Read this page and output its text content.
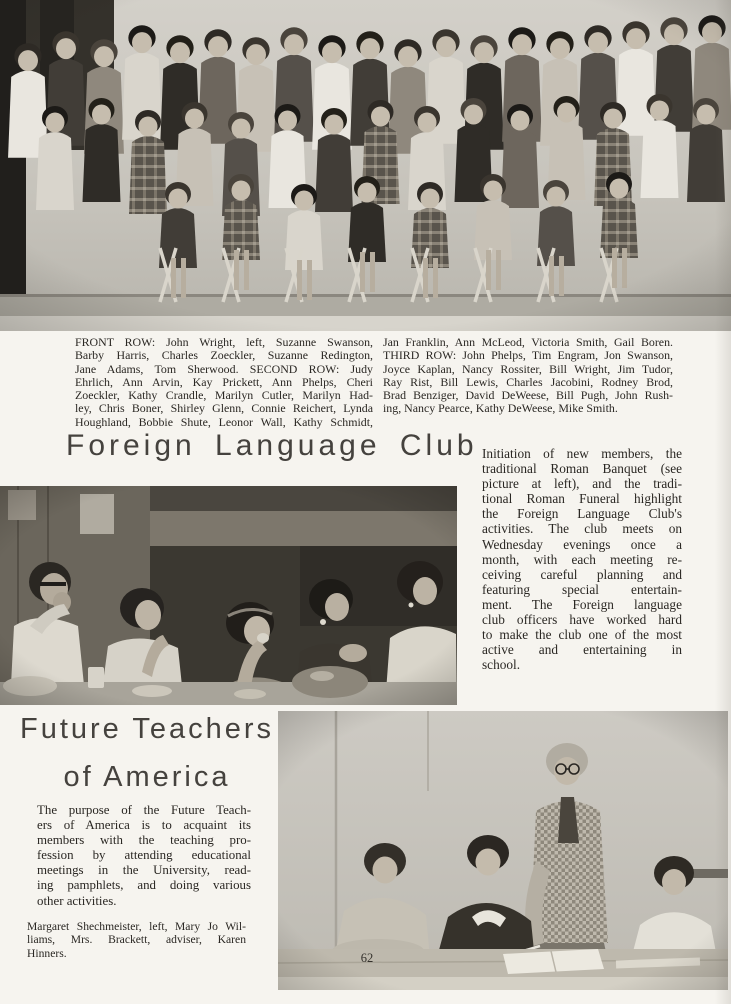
FRONT ROW: John Wright, left, Suzanne Swanson,
Barby Harris, Charles Zoeckler, Suzanne Redington,
Jane Adams, Tom Sherwood. SECOND ROW: Judy
Ehrlich, Ann Arvin, Kay Prickett, Ann Phelps, Cheri
Zoeckler, Kathy Crandle, Marilyn Cutler, Marilyn Had-
ley, Chris Boner, Shirley Glenn, Connie Reichert, Lynda
Houghland, Bobbie Shute, Leonor Wall, Kathy Schmidt,
Jan Franklin, Ann McLeod, Victoria Smith, Gail Boren.
THIRD ROW: John Phelps, Tim Engram, Jon Swanson,
Joyce Kaplan, Nancy Rossiter, Bill Wright, Jim Tudor,
Ray Rist, Bill Lewis, Charles Jacobini, Rodney Brod,
Brad Benziger, David DeWeese, Bill Pugh, John Rush-
ing, Nancy Pearce, Kathy DeWeese, Mike Smith.
Foreign Language Club Initiation of new members, the
traditional Roman Banquet (see
picture at left), and the tradi-
tional Roman Funeral highlight
the Foreign Language Club's
activities. The club meets on
Wednesday evenings once a
month, with each meeting re-
ceiving careful planning and
featuring special entertain-
ment. The Foreign language
club officers have worked hard
to make the club one of the most
active and entertaining in
school.
Future Teachers
of America
The purpose of the Future Teach-
ers of America is to acquaint its
members with the teaching pro-
fession by attending educational
meetings in the University, read-
ing pamphlets, and doing various
other activities.
Margaret Shechmeister, left, Mary Jo Wil-
liams, Mrs. Brackett, adviser, Karen
Hinners.	62
